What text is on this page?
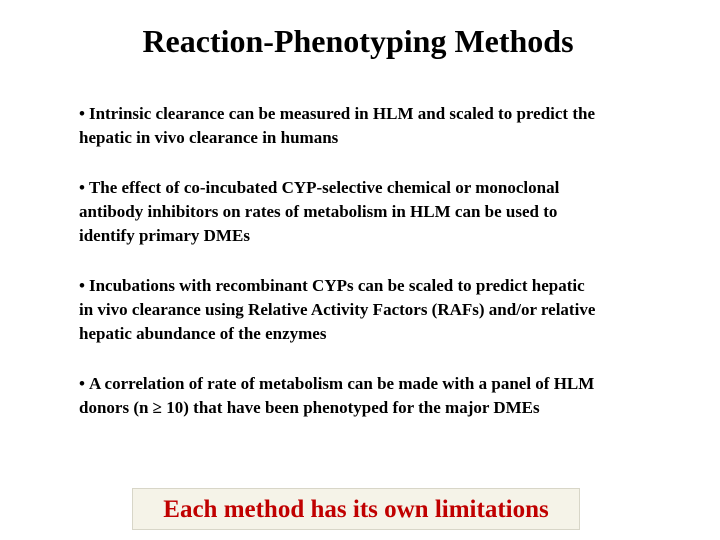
Reaction-Phenotyping Methods
• Intrinsic clearance can be measured in HLM and scaled to predict the hepatic in vivo clearance in humans
• The effect of co-incubated CYP-selective chemical or monoclonal antibody inhibitors on rates of metabolism in HLM can be used to identify primary DMEs
• Incubations with recombinant CYPs can be scaled to predict hepatic in vivo clearance using Relative Activity Factors (RAFs) and/or relative hepatic abundance of the enzymes
• A correlation of rate of metabolism can be made with a panel of HLM donors (n ≥ 10) that have been phenotyped for the major DMEs
Each method has its own limitations
